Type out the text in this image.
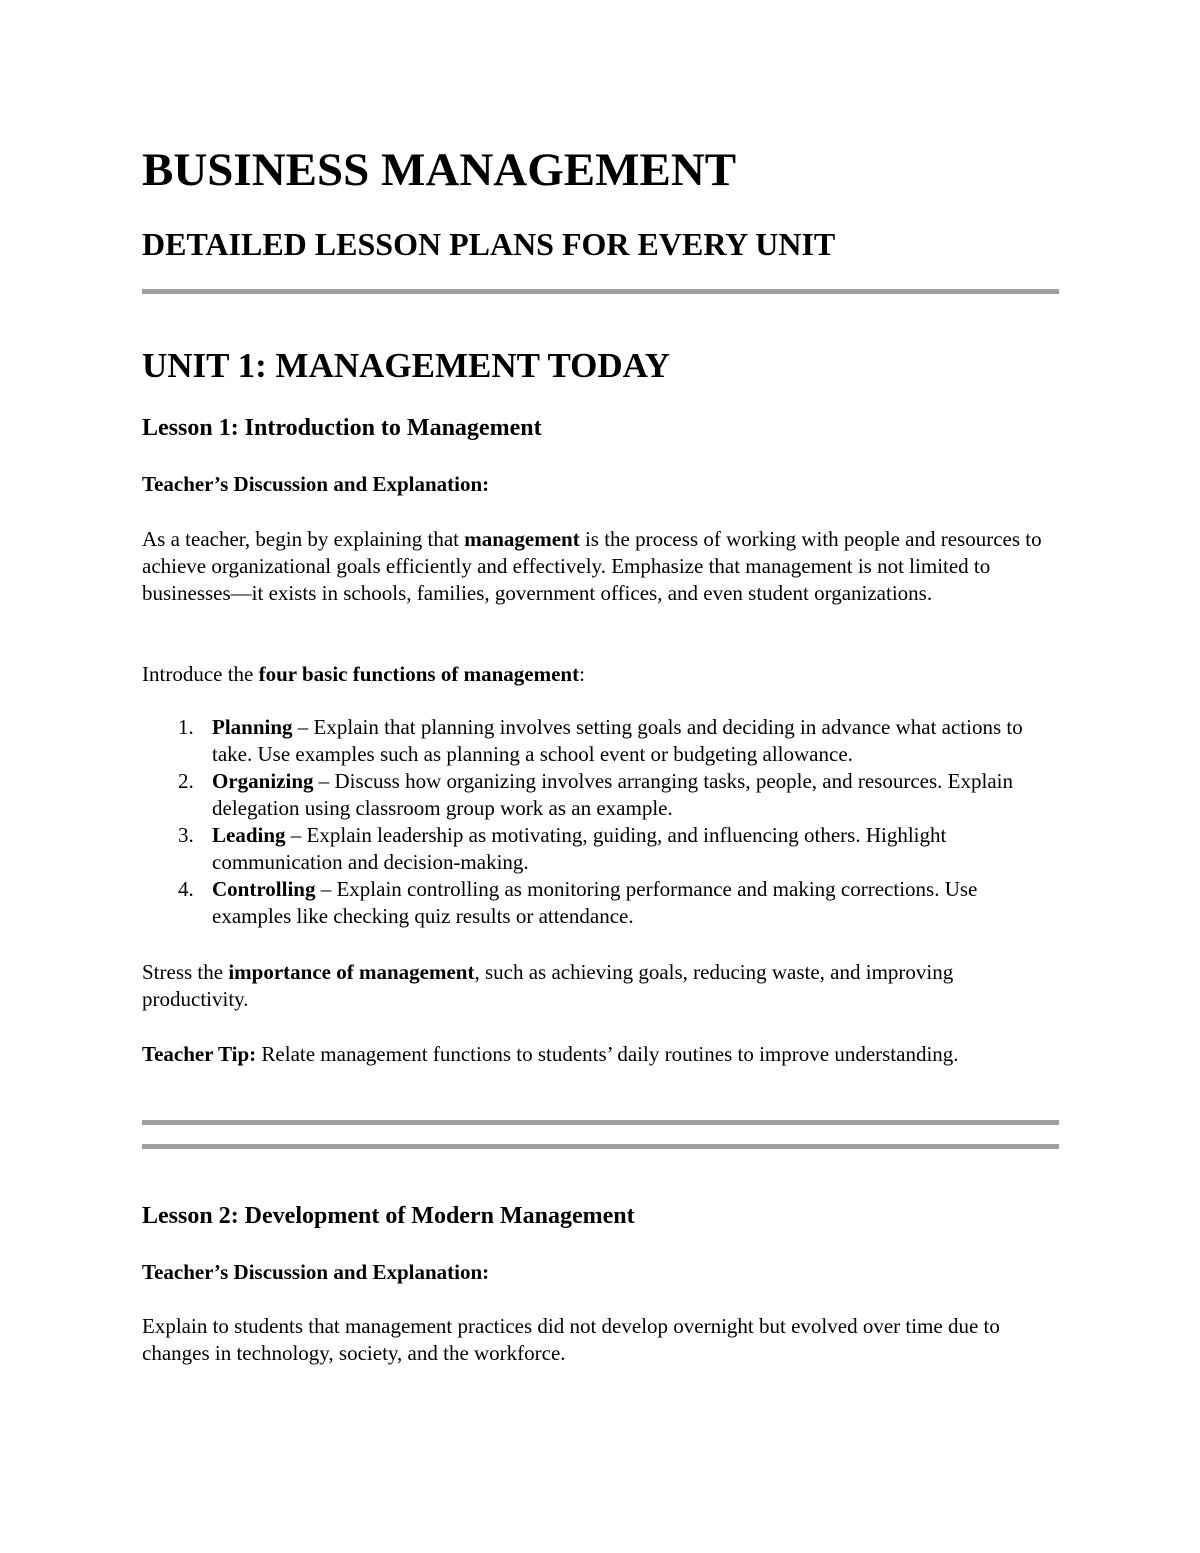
BUSINESS MANAGEMENT
DETAILED LESSON PLANS FOR EVERY UNIT
UNIT 1: MANAGEMENT TODAY
Lesson 1: Introduction to Management
Teacher’s Discussion and Explanation:

As a teacher, begin by explaining that management is the process of working with people and resources to achieve organizational goals efficiently and effectively. Emphasize that management is not limited to businesses—it exists in schools, families, government offices, and even student organizations.

Introduce the four basic functions of management:

1. Planning – Explain that planning involves setting goals and deciding in advance what actions to take. Use examples such as planning a school event or budgeting allowance.
2. Organizing – Discuss how organizing involves arranging tasks, people, and resources. Explain delegation using classroom group work as an example.
3. Leading – Explain leadership as motivating, guiding, and influencing others. Highlight communication and decision-making.
4. Controlling – Explain controlling as monitoring performance and making corrections. Use examples like checking quiz results or attendance.

Stress the importance of management, such as achieving goals, reducing waste, and improving productivity.

Teacher Tip: Relate management functions to students’ daily routines to improve understanding.

Lesson 2: Development of Modern Management
Teacher’s Discussion and Explanation:

Explain to students that management practices did not develop overnight but evolved over time due to changes in technology, society, and the workforce.
